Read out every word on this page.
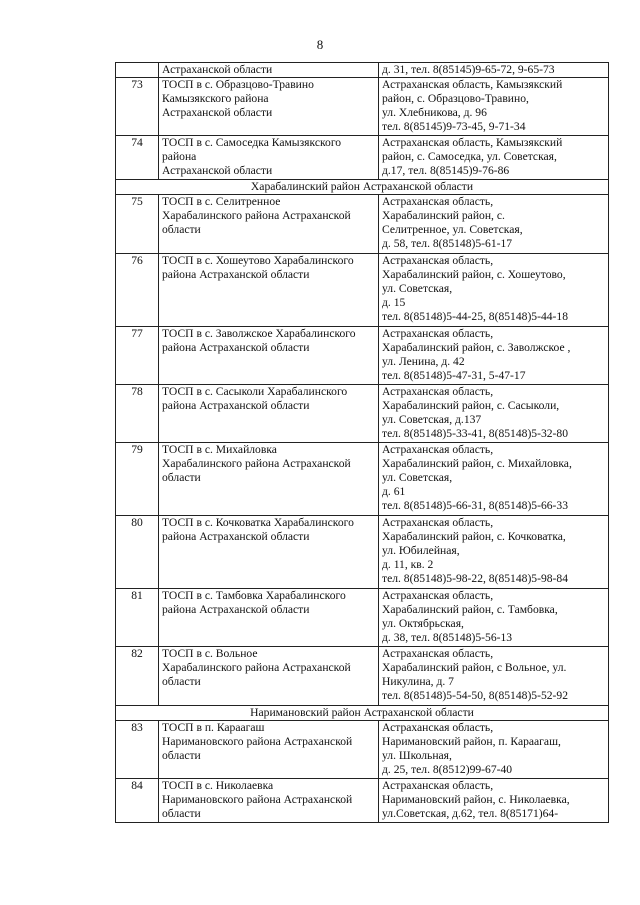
8
	Астраханской области	д. 31, тел. 8(85145)9-65-72, 9-65-73
73	ТОСП в с. Образцово-Травино
Камызякского района
Астраханской области	Астраханская область, Камызякский
район, с. Образцово-Травино,
ул. Хлебникова, д. 96
тел. 8(85145)9-73-45, 9-71-34
74	ТОСП в с. Самоседка Камызякского
района
Астраханской области	Астраханская область, Камызякский
район, с. Самоседка, ул. Советская,
д.17, тел. 8(85145)9-76-86
Харабалинский район Астраханской области		
75	ТОСП в с. Селитренное
Харабалинского района Астраханской
области	Астраханская область,
Харабалинский район, с.
Селитренное, ул. Советская,
д. 58, тел. 8(85148)5-61-17
76	ТОСП в с. Хошеутово Харабалинского
района Астраханской области	Астраханская область,
Харабалинский район, с. Хошеутово,
ул. Советская,
д. 15
тел. 8(85148)5-44-25, 8(85148)5-44-18
77	ТОСП в с. Заволжское Харабалинского
района Астраханской области	Астраханская область,
Харабалинский район, с. Заволжское ,
ул. Ленина, д. 42
тел. 8(85148)5-47-31, 5-47-17
78	ТОСП в с. Сасыколи Харабалинского
района Астраханской области	Астраханская область,
Харабалинский район, с. Сасыколи,
ул. Советская, д.137
тел. 8(85148)5-33-41, 8(85148)5-32-80
79	ТОСП в с. Михайловка
Харабалинского района Астраханской
области	Астраханская область,
Харабалинский район, с. Михайловка,
ул. Советская,
д. 61
тел. 8(85148)5-66-31, 8(85148)5-66-33
80	ТОСП в с. Кочковатка Харабалинского
района Астраханской области	Астраханская область,
Харабалинский район, с. Кочковатка,
ул. Юбилейная,
д. 11, кв. 2
тел. 8(85148)5-98-22, 8(85148)5-98-84
81	ТОСП в с. Тамбовка Харабалинского
района Астраханской области	Астраханская область,
Харабалинский район, с. Тамбовка,
ул. Октябрьская,
д. 38, тел. 8(85148)5-56-13
82	ТОСП в с. Вольное
Харабалинского района Астраханской
области	Астраханская область,
Харабалинский район, с Вольное, ул.
Никулина, д. 7
тел. 8(85148)5-54-50, 8(85148)5-52-92
Наримановский район Астраханской области		
83	ТОСП в п. Караагаш
Наримановского района Астраханской
области	Астраханская область,
Наримановский район, п. Караагаш,
ул. Школьная,
д. 25, тел. 8(8512)99-67-40
84	ТОСП в с. Николаевка
Наримановского района Астраханской
области	Астраханская область,
Наримановский район, с. Николаевка,
ул.Советская, д.62, тел. 8(85171)64-
